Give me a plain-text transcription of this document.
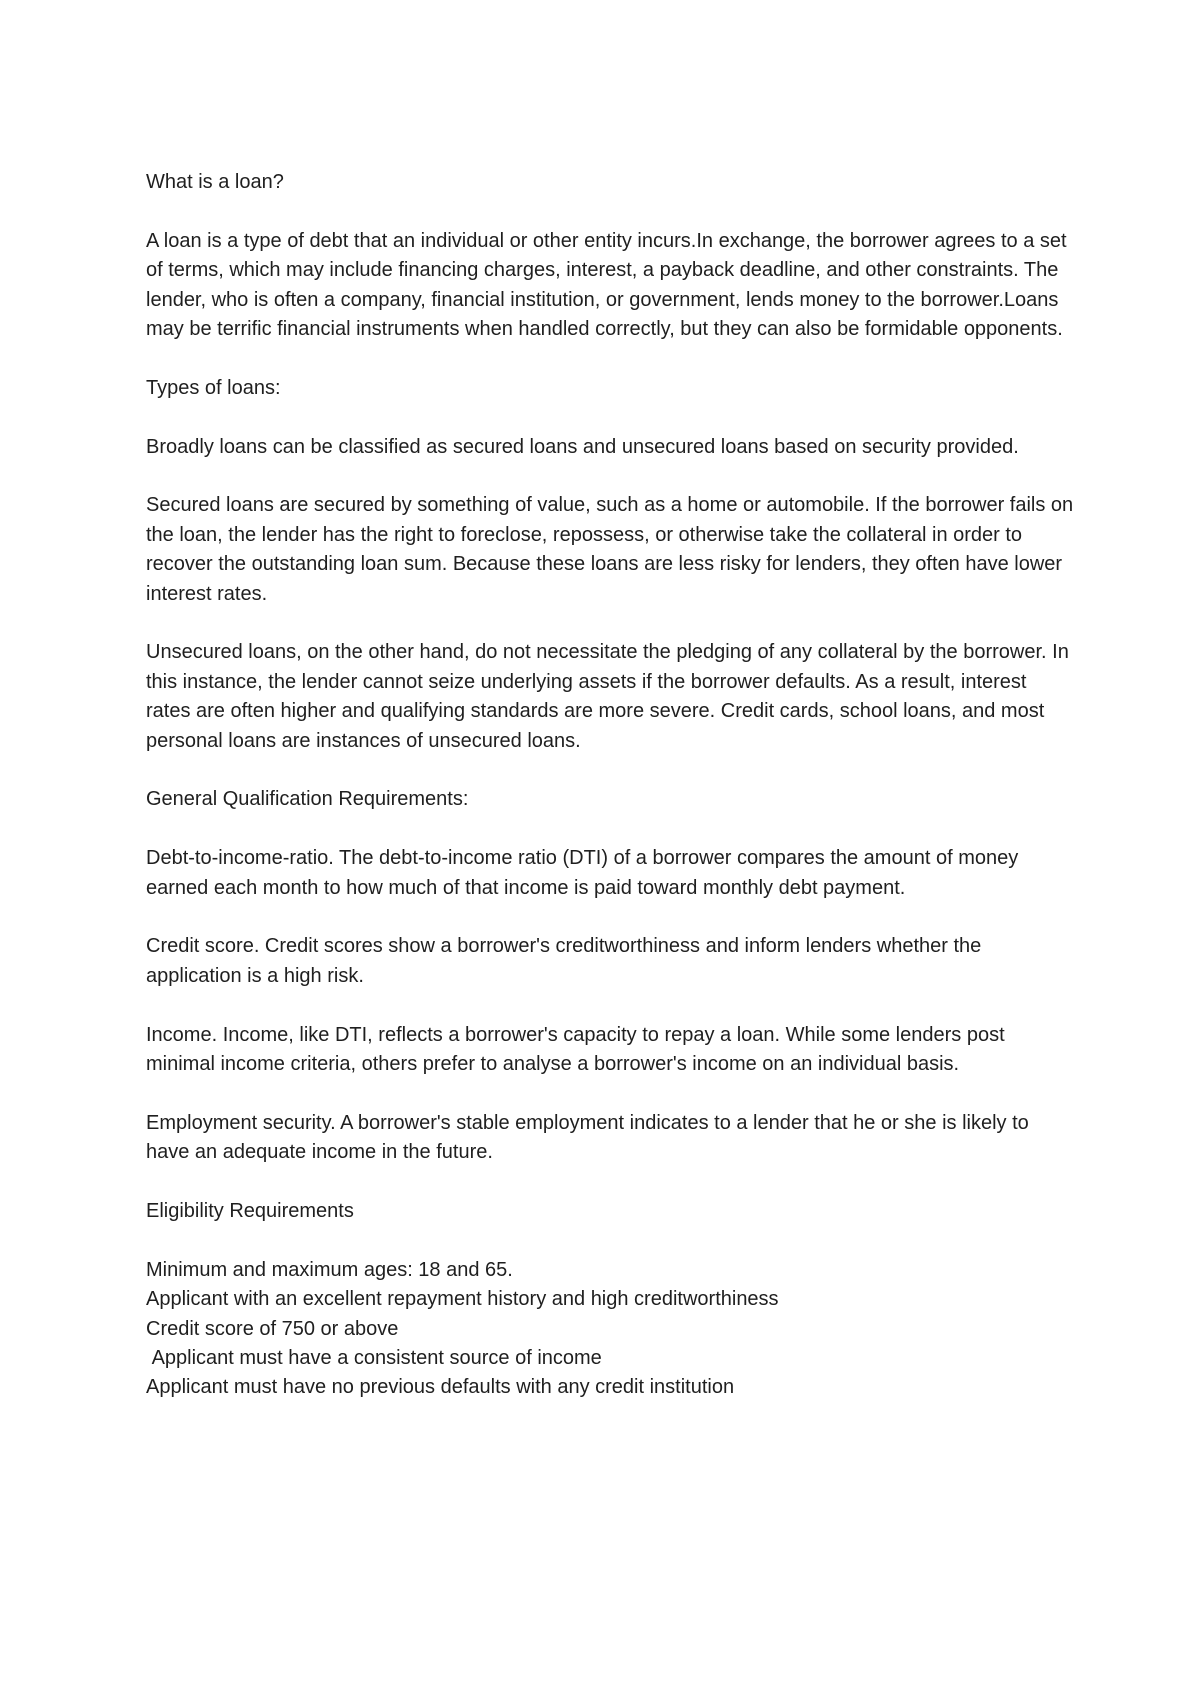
What is a loan?

A loan is a type of debt that an individual or other entity incurs.In exchange, the borrower agrees to a set of terms, which may include financing charges, interest, a payback deadline, and other constraints. The lender, who is often a company, financial institution, or government, lends money to the borrower.Loans may be terrific financial instruments when handled correctly, but they can also be formidable opponents.

Types of loans:

Broadly loans can be classified as secured loans and unsecured loans based on security provided.

Secured loans are secured by something of value, such as a home or automobile. If the borrower fails on the loan, the lender has the right to foreclose, repossess, or otherwise take the collateral in order to recover the outstanding loan sum. Because these loans are less risky for lenders, they often have lower interest rates.

Unsecured loans, on the other hand, do not necessitate the pledging of any collateral by the borrower. In this instance, the lender cannot seize underlying assets if the borrower defaults. As a result, interest rates are often higher and qualifying standards are more severe. Credit cards, school loans, and most personal loans are instances of unsecured loans.

General Qualification Requirements:

Debt-to-income-ratio. The debt-to-income ratio (DTI) of a borrower compares the amount of money earned each month to how much of that income is paid toward monthly debt payment.

Credit score. Credit scores show a borrower's creditworthiness and inform lenders whether the application is a high risk.

Income. Income, like DTI, reflects a borrower's capacity to repay a loan. While some lenders post minimal income criteria, others prefer to analyse a borrower's income on an individual basis.

Employment security. A borrower's stable employment indicates to a lender that he or she is likely to have an adequate income in the future.

Eligibility Requirements

Minimum and maximum ages: 18 and 65.

Applicant with an excellent repayment history and high creditworthiness

Credit score of 750 or above

Applicant must have a consistent source of income

Applicant must have no previous defaults with any credit institution
